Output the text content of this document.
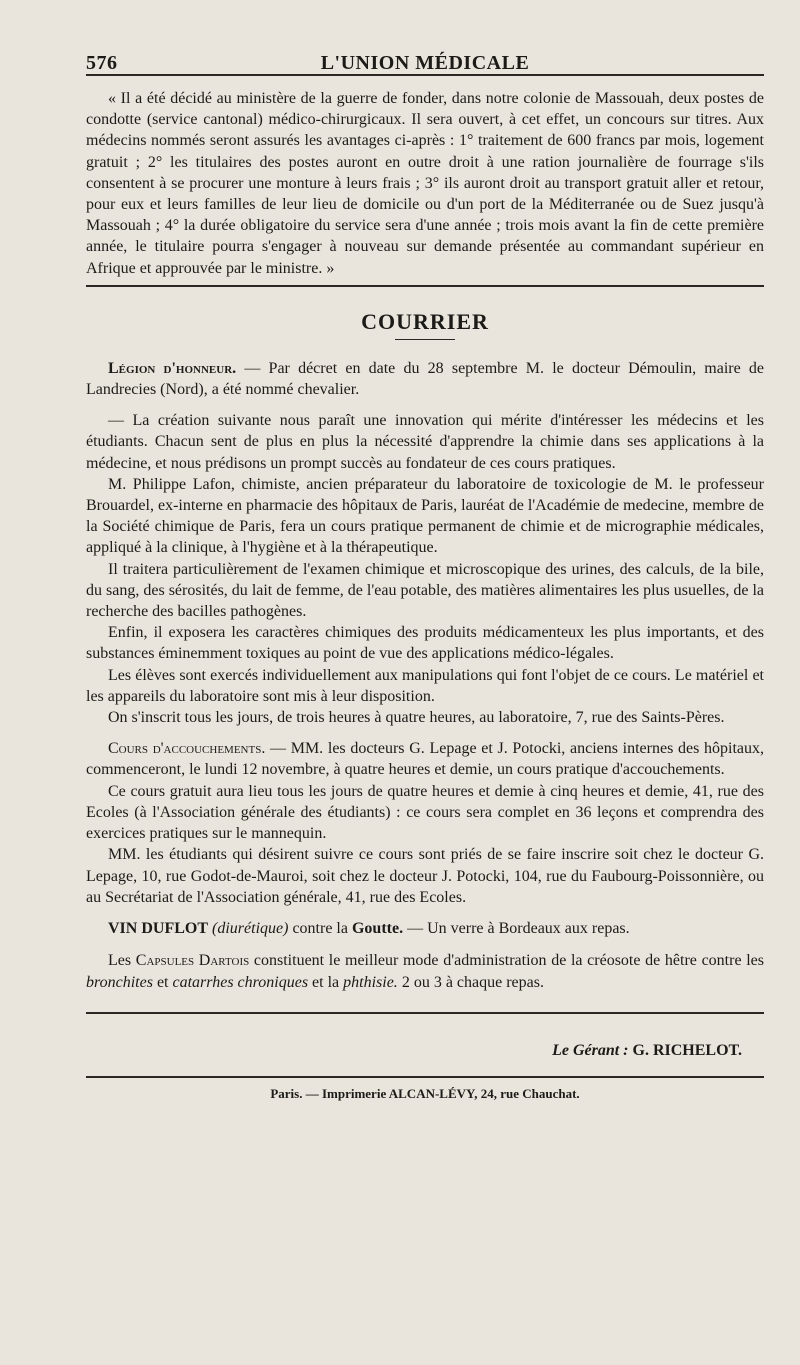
576	L'UNION MÉDICALE

« Il a été décidé au ministère de la guerre de fonder, dans notre colonie de Massouah, deux postes de condotte (service cantonal) médico-chirurgicaux. Il sera ouvert, à cet effet, un concours sur titres. Aux médecins nommés seront assurés les avantages ci-après : 1° traitement de 600 francs par mois, logement gratuit ; 2° les titulaires des postes auront en outre droit à une ration journalière de fourrage s'ils consentent à se procurer une monture à leurs frais ; 3° ils auront droit au transport gratuit aller et retour, pour eux et leurs familles de leur lieu de domicile ou d'un port de la Méditerranée ou de Suez jusqu'à Massouah ; 4° la durée obligatoire du service sera d'une année ; trois mois avant la fin de cette première année, le titulaire pourra s'engager à nouveau sur demande présentée au commandant supérieur en Afrique et approuvée par le ministre. »

COURRIER

Légion d'honneur. — Par décret en date du 28 septembre M. le docteur Démoulin, maire de Landrecies (Nord), a été nommé chevalier.

— La création suivante nous paraît une innovation qui mérite d'intéresser les médecins et les étudiants. Chacun sent de plus en plus la nécessité d'apprendre la chimie dans ses applications à la médecine, et nous prédisons un prompt succès au fondateur de ces cours pratiques.

M. Philippe Lafon, chimiste, ancien préparateur du laboratoire de toxicologie de M. le professeur Brouardel, ex-interne en pharmacie des hôpitaux de Paris, lauréat de l'Académie de medecine, membre de la Société chimique de Paris, fera un cours pratique permanent de chimie et de micrographie médicales, appliqué à la clinique, à l'hygiène et à la thérapeutique.

Il traitera particulièrement de l'examen chimique et microscopique des urines, des calculs, de la bile, du sang, des sérosités, du lait de femme, de l'eau potable, des matières alimentaires les plus usuelles, de la recherche des bacilles pathogènes.

Enfin, il exposera les caractères chimiques des produits médicamenteux les plus importants, et des substances éminemment toxiques au point de vue des applications médico-légales.

Les élèves sont exercés individuellement aux manipulations qui font l'objet de ce cours. Le matériel et les appareils du laboratoire sont mis à leur disposition.

On s'inscrit tous les jours, de trois heures à quatre heures, au laboratoire, 7, rue des Saints-Pères.

Cours d'accouchements. — MM. les docteurs G. Lepage et J. Potocki, anciens internes des hôpitaux, commenceront, le lundi 12 novembre, à quatre heures et demie, un cours pratique d'accouchements.

Ce cours gratuit aura lieu tous les jours de quatre heures et demie à cinq heures et demie, 41, rue des Ecoles (à l'Association générale des étudiants) : ce cours sera complet en 36 leçons et comprendra des exercices pratiques sur le mannequin.

MM. les étudiants qui désirent suivre ce cours sont priés de se faire inscrire soit chez le docteur G. Lepage, 10, rue Godot-de-Mauroi, soit chez le docteur J. Potocki, 104, rue du Faubourg-Poissonnière, ou au Secrétariat de l'Association générale, 41, rue des Ecoles.

VIN DUFLOT (diurétique) contre la Goutte. — Un verre à Bordeaux aux repas.

Les Capsules Dartois constituent le meilleur mode d'administration de la créosote de hêtre contre les bronchites et catarrhes chroniques et la phthisie. 2 ou 3 à chaque repas.

Le Gérant : G. RICHELOT.
Paris. — Imprimerie ALCAN-LÉVY, 24, rue Chauchat.
